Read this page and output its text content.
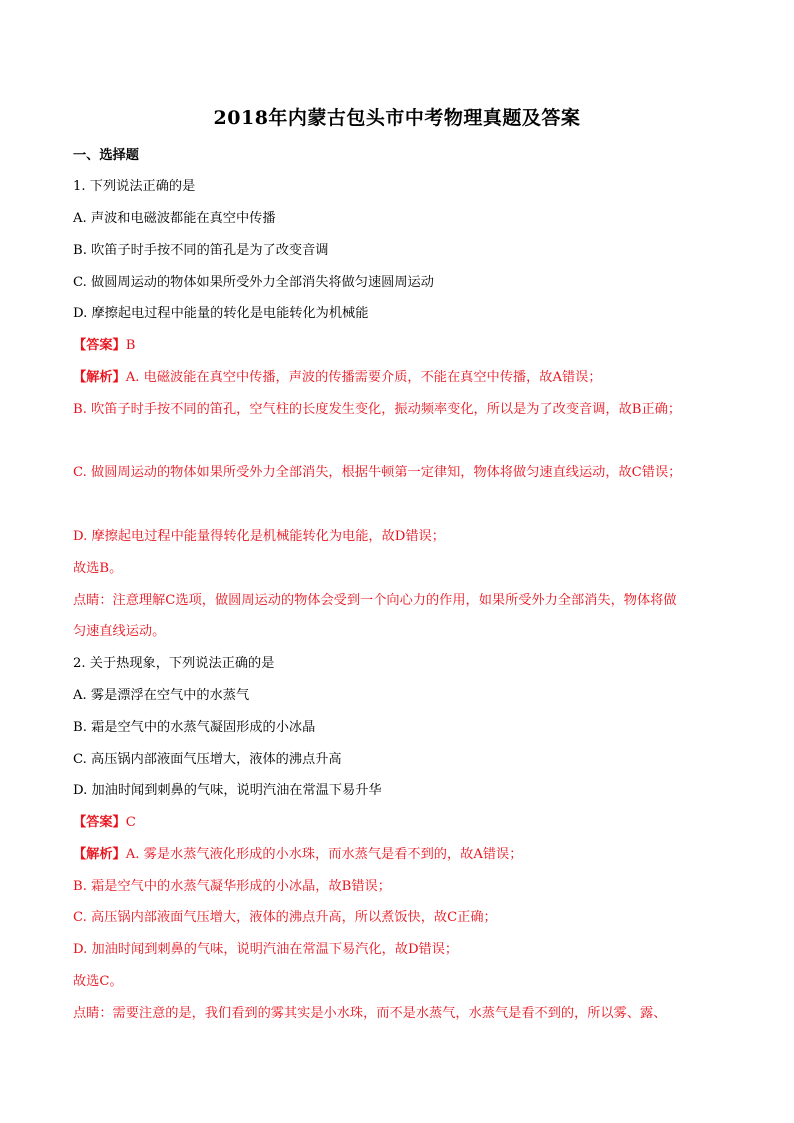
2018年内蒙古包头市中考物理真题及答案
一、选择题
1. 下列说法正确的是
A. 声波和电磁波都能在真空中传播
B. 吹笛子时手按不同的笛孔是为了改变音调
C. 做圆周运动的物体如果所受外力全部消失将做匀速圆周运动
D. 摩擦起电过程中能量的转化是电能转化为机械能
【答案】B
【解析】A. 电磁波能在真空中传播，声波的传播需要介质，不能在真空中传播，故A错误；
B. 吹笛子时手按不同的笛孔，空气柱的长度发生变化，振动频率变化，所以是为了改变音调，故B正确；
C. 做圆周运动的物体如果所受外力全部消失，根据牛顿第一定律知，物体将做匀速直线运动，故C错误；
D. 摩擦起电过程中能量得转化是机械能转化为电能，故D错误；
故选B。
点睛：注意理解C选项，做圆周运动的物体会受到一个向心力的作用，如果所受外力全部消失，物体将做
匀速直线运动。
2. 关于热现象，下列说法正确的是
A. 雾是漂浮在空气中的水蒸气
B. 霜是空气中的水蒸气凝固形成的小冰晶
C. 高压锅内部液面气压增大，液体的沸点升高
D. 加油时闻到刺鼻的气味，说明汽油在常温下易升华
【答案】C
【解析】A. 雾是水蒸气液化形成的小水珠，而水蒸气是看不到的，故A错误；
B. 霜是空气中的水蒸气凝华形成的小冰晶，故B错误；
C. 高压锅内部液面气压增大，液体的沸点升高，所以煮饭快，故C正确；
D. 加油时闻到刺鼻的气味，说明汽油在常温下易汽化，故D错误；
故选C。
点睛：需要注意的是，我们看到的雾其实是小水珠，而不是水蒸气，水蒸气是看不到的，所以雾、露、
